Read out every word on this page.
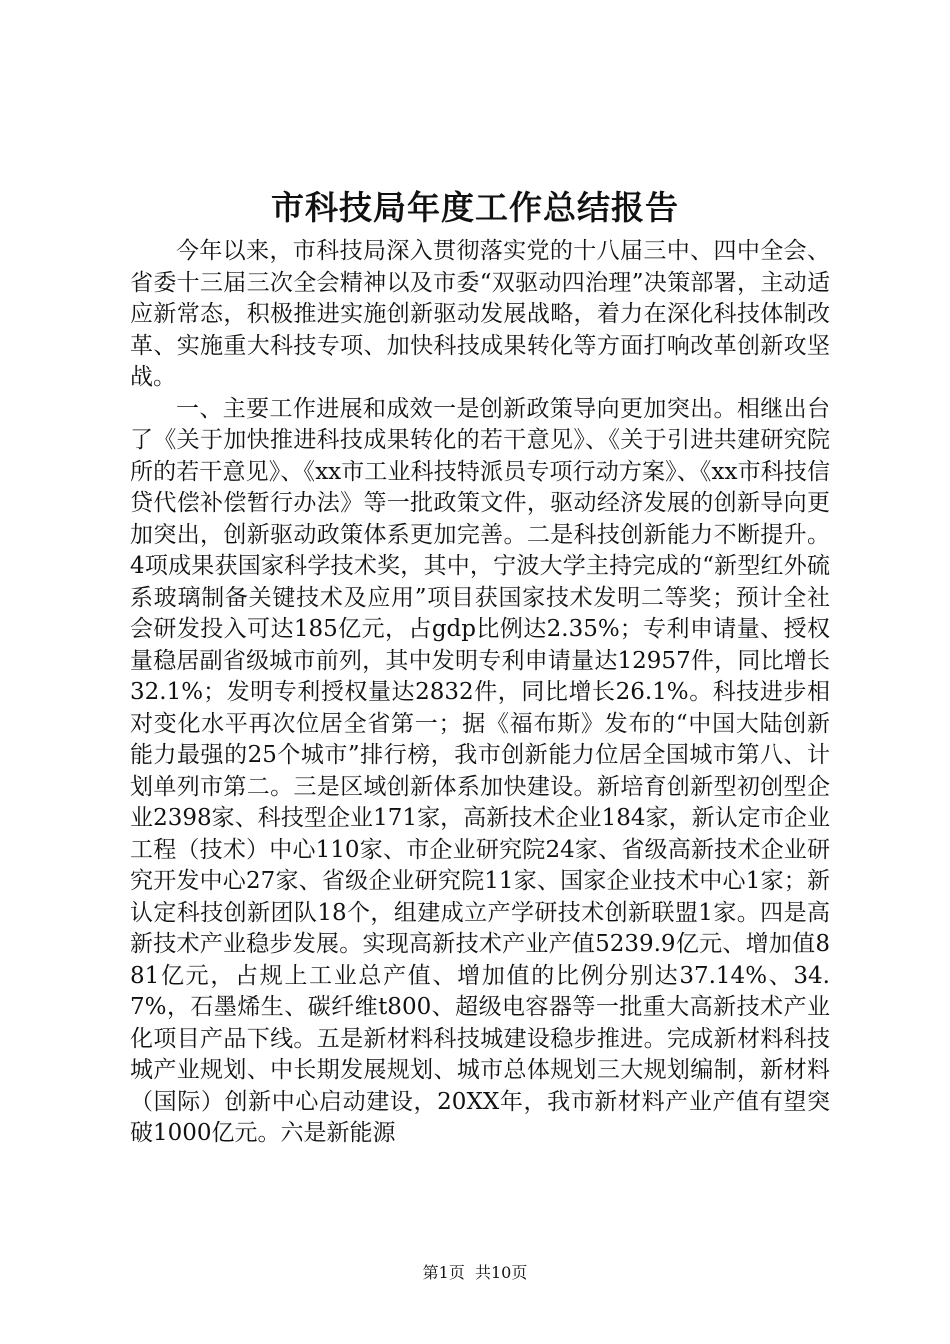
市科技局年度工作总结报告

今年以来，市科技局深入贯彻落实党的十八届三中、四中全会、省委十三届三次全会精神以及市委“双驱动四治理”决策部署，主动适应新常态，积极推进实施创新驱动发展战略，着力在深化科技体制改革、实施重大科技专项、加快科技成果转化等方面打响改革创新攻坚战。

一、主要工作进展和成效一是创新政策导向更加突出。相继出台了《关于加快推进科技成果转化的若干意见》、《关于引进共建研究院所的若干意见》、《xx市工业科技特派员专项行动方案》、《xx市科技信贷代偿补偿暂行办法》等一批政策文件，驱动经济发展的创新导向更加突出，创新驱动政策体系更加完善。二是科技创新能力不断提升。4项成果获国家科学技术奖，其中，宁波大学主持完成的“新型红外硫系玻璃制备关键技术及应用”项目获国家技术发明二等奖；预计全社会研发投入可达185亿元，占gdp比例达2.35%；专利申请量、授权量稳居副省级城市前列，其中发明专利申请量达12957件，同比增长32.1%；发明专利授权量达2832件，同比增长26.1%。科技进步相对变化水平再次位居全省第一；据《福布斯》发布的“中国大陆创新能力最强的25个城市”排行榜，我市创新能力位居全国城市第八、计划单列市第二。三是区域创新体系加快建设。新培育创新型初创型企业2398家、科技型企业171家，高新技术企业184家，新认定市企业工程（技术）中心110家、市企业研究院24家、省级高新技术企业研究开发中心27家、省级企业研究院11家、国家企业技术中心1家；新认定科技创新团队18个，组建成立产学研技术创新联盟1家。四是高新技术产业稳步发展。实现高新技术产业产值5239.9亿元、增加值881亿元，占规上工业总产值、增加值的比例分别达37.14%、34.7%，石墨烯生、碳纤维t800、超级电容器等一批重大高新技术产业化项目产品下线。五是新材料科技城建设稳步推进。完成新材料科技城产业规划、中长期发展规划、城市总体规划三大规划编制，新材料（国际）创新中心启动建设，20XX年，我市新材料产业产值有望突破1000亿元。六是新能源

第1页  共10页
